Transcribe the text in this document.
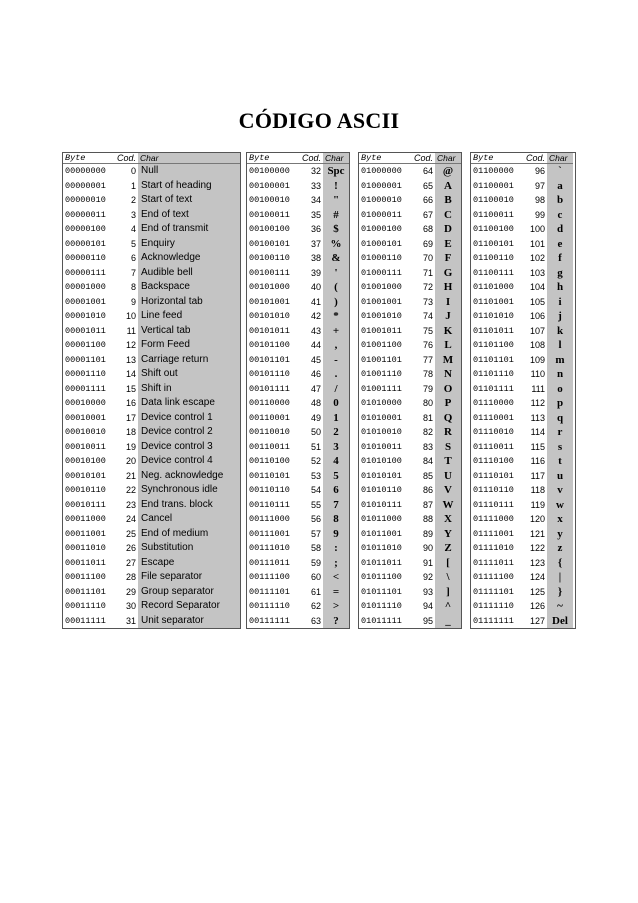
CÓDIGO ASCII
Byte	Cod. Char
00000000	0 Null
00000001	1 Start of heading
00000010	2 Start of text
00000011	3 End of text
00000100	4 End of transmit
00000101	5 Enquiry
00000110	6 Acknowledge
00000111	7 Audible bell
00001000	8 Backspace
00001001	9 Horizontal tab
00001010	10 Line feed
00001011	11 Vertical tab
00001100	12 Form Feed
00001101	13 Carriage return
00001110	14 Shift out
00001111	15 Shift in
00010000	16 Data link escape
00010001	17 Device control 1
00010010	18 Device control 2
00010011	19 Device control 3
00010100	20 Device control 4
00010101	21 Neg. acknowledge
00010110	22 Synchronous idle
00010111	23 End trans. block
00011000	24 Cancel
00011001	25 End of medium
00011010	26 Substitution
00011011	27 Escape
00011100	28 File separator
00011101	29 Group separator
00011110	30 Record Separator
00011111	31 Unit separator
Byte	Cod. Char
00100000	32 Spc
00100001	33	!
00100010	34	"
00100011	35	#
00100100	36	$
00100101	37 %
00100110	38 &
00100111	39	'
00101000	40	(
00101001	41	)
00101010	42	*
00101011	43	+
00101100	44	,
00101101	45	-
00101110	46	.
00101111	47	/
00110000	48	0
00110001	49	1
00110010	50	2
00110011	51	3
00110100	52	4
00110101	53	5
00110110	54	6
00110111	55	7
00111000	56	8
00111001	57	9
00111010	58	:
00111011	59	;
00111100	60	<
00111101	61	=
00111110	62	>
00111111	63	?
Byte	Cod. Char
01000000	64 @
01000001	65	A
01000010	66	B
01000011	67	C
01000100	68	D
01000101	69	E
01000110	70	F
01000111	71 G
01001000	72 H
01001001	73	I
01001010	74	J
01001011	75 K
01001100	76	L
01001101	77 M
01001110	78	N
01001111	79 O
01010000	80	P
01010001	81 Q
01010010	82	R
01010011	83	S
01010100	84	T
01010101	85	U
01010110	86	V
01010111	87 W
01011000	88	X
01011001	89	Y
01011010	90	Z
01011011	91	[
01011100	92	\
01011101	93	]
01011110	94	^
01011111	95	_
Byte	Cod. Char
01100000	96	`
01100001	97	a
01100010	98	b
01100011	99	c
01100100	100	d
01100101	101	e
01100110	102	f
01100111	103	g
01101000	104	h
01101001	105	i
01101010	106	j
01101011	107	k
01101100	108	l
01101101	109 m
01101110	110	n
01101111	111	o
01110000	112	p
01110001	113	q
01110010	114	r
01110011	115	s
01110100	116	t
01110101	117	u
01110110	118	v
01110111	119	w
01111000	120	x
01111001	121	y
01111010	122	z
01111011	123	{
01111100	124	|
01111101	125	}
01111110	126	~
01111111	127 Del
